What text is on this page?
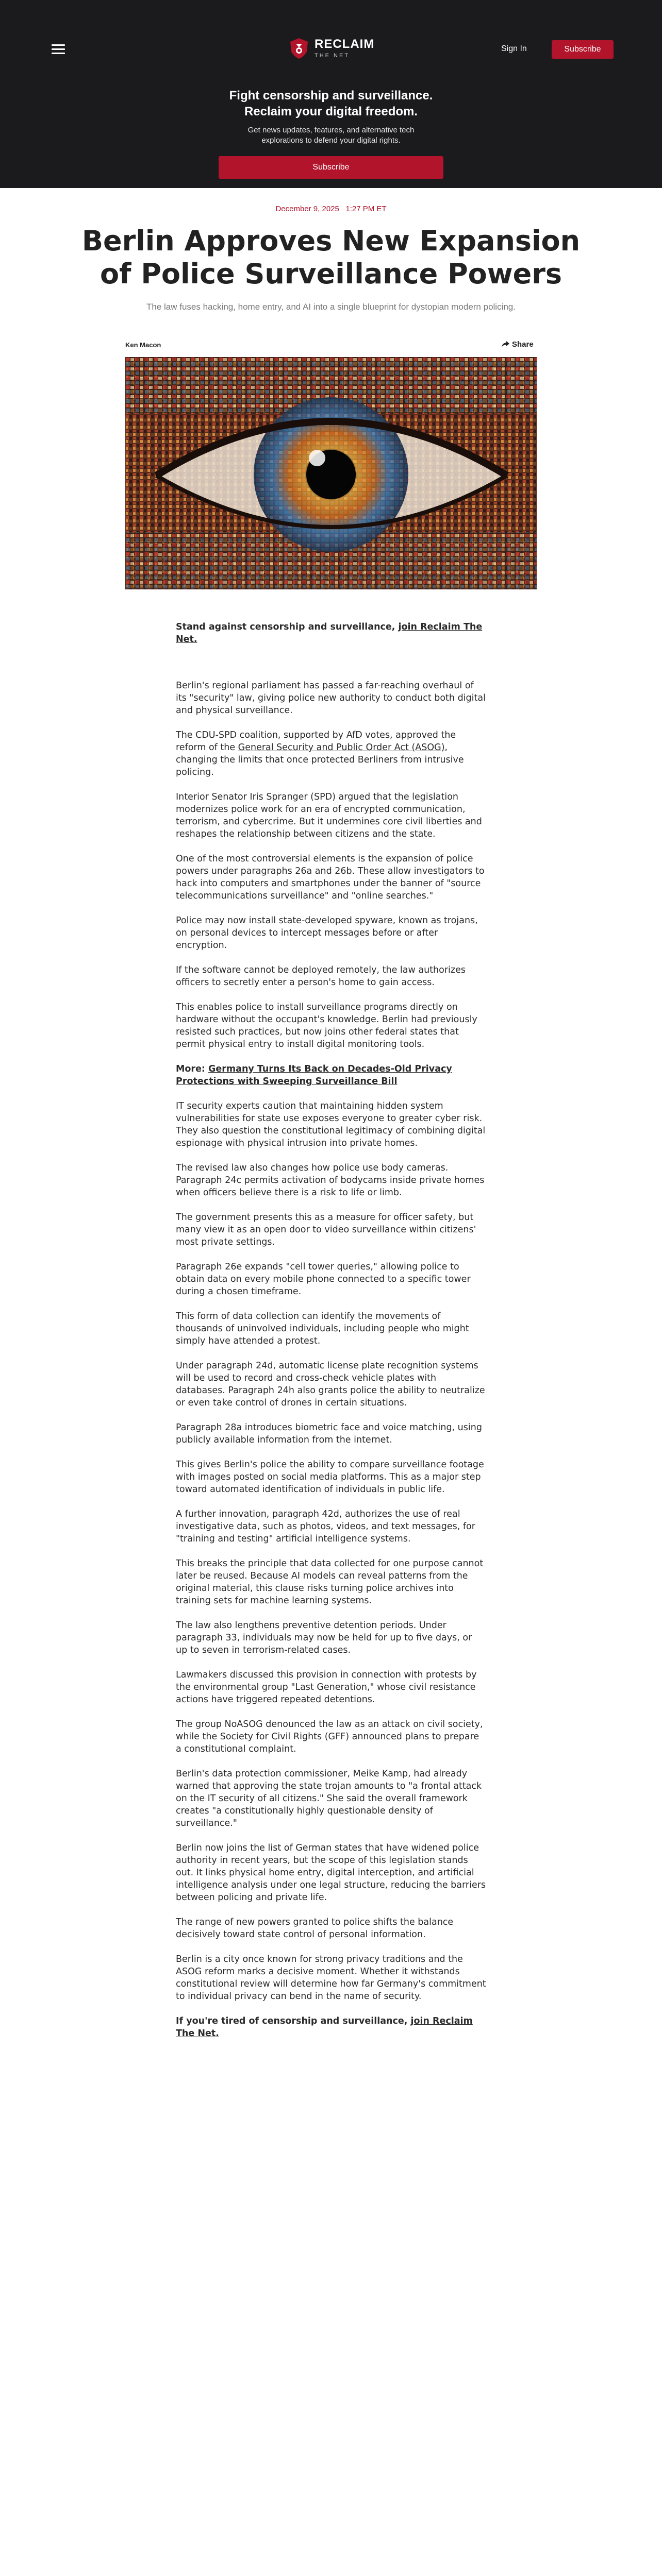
RECLAIM
THE NET
Sign In	Subscribe
Fight censorship and surveillance.
Reclaim your digital freedom.
Get news updates, features, and alternative tech
explorations to defend your digital rights.
Subscribe
December 9, 2025 1:27 PM ET
Berlin Approves New Expansion of Police Surveillance Powers
The law fuses hacking, home entry, and AI into a single blueprint for dystopian modern policing.
Ken Macon	Share

Stand against censorship and surveillance, join Reclaim The Net.

Berlin's regional parliament has passed a far-reaching overhaul of its "security" law, giving police new authority to conduct both digital and physical surveillance.

The CDU-SPD coalition, supported by AfD votes, approved the reform of the General Security and Public Order Act (ASOG), changing the limits that once protected Berliners from intrusive policing.

Interior Senator Iris Spranger (SPD) argued that the legislation modernizes police work for an era of encrypted communication, terrorism, and cybercrime. But it undermines core civil liberties and reshapes the relationship between citizens and the state.

One of the most controversial elements is the expansion of police powers under paragraphs 26a and 26b. These allow investigators to hack into computers and smartphones under the banner of "source telecommunications surveillance" and "online searches."

Police may now install state-developed spyware, known as trojans, on personal devices to intercept messages before or after encryption.

If the software cannot be deployed remotely, the law authorizes officers to secretly enter a person's home to gain access.

This enables police to install surveillance programs directly on hardware without the occupant's knowledge. Berlin had previously resisted such practices, but now joins other federal states that permit physical entry to install digital monitoring tools.

More: Germany Turns Its Back on Decades-Old Privacy Protections with Sweeping Surveillance Bill

IT security experts caution that maintaining hidden system vulnerabilities for state use exposes everyone to greater cyber risk. They also question the constitutional legitimacy of combining digital espionage with physical intrusion into private homes.

The revised law also changes how police use body cameras. Paragraph 24c permits activation of bodycams inside private homes when officers believe there is a risk to life or limb.

The government presents this as a measure for officer safety, but many view it as an open door to video surveillance within citizens' most private settings.

Paragraph 26e expands "cell tower queries," allowing police to obtain data on every mobile phone connected to a specific tower during a chosen timeframe.

This form of data collection can identify the movements of thousands of uninvolved individuals, including people who might simply have attended a protest.

Under paragraph 24d, automatic license plate recognition systems will be used to record and cross-check vehicle plates with databases. Paragraph 24h also grants police the ability to neutralize or even take control of drones in certain situations.

Paragraph 28a introduces biometric face and voice matching, using publicly available information from the internet.

This gives Berlin's police the ability to compare surveillance footage with images posted on social media platforms. This as a major step toward automated identification of individuals in public life.

A further innovation, paragraph 42d, authorizes the use of real investigative data, such as photos, videos, and text messages, for "training and testing" artificial intelligence systems.

This breaks the principle that data collected for one purpose cannot later be reused. Because AI models can reveal patterns from the original material, this clause risks turning police archives into training sets for machine learning systems.

The law also lengthens preventive detention periods. Under paragraph 33, individuals may now be held for up to five days, or up to seven in terrorism-related cases.

Lawmakers discussed this provision in connection with protests by the environmental group "Last Generation," whose civil resistance actions have triggered repeated detentions.

The group NoASOG denounced the law as an attack on civil society, while the Society for Civil Rights (GFF) announced plans to prepare a constitutional complaint.

Berlin's data protection commissioner, Meike Kamp, had already warned that approving the state trojan amounts to "a frontal attack on the IT security of all citizens." She said the overall framework creates "a constitutionally highly questionable density of surveillance."

Berlin now joins the list of German states that have widened police authority in recent years, but the scope of this legislation stands out. It links physical home entry, digital interception, and artificial intelligence analysis under one legal structure, reducing the barriers between policing and private life.

The range of new powers granted to police shifts the balance decisively toward state control of personal information.

Berlin is a city once known for strong privacy traditions and the ASOG reform marks a decisive moment. Whether it withstands constitutional review will determine how far Germany's commitment to individual privacy can bend in the name of security.

If you're tired of censorship and surveillance, join Reclaim The Net.
